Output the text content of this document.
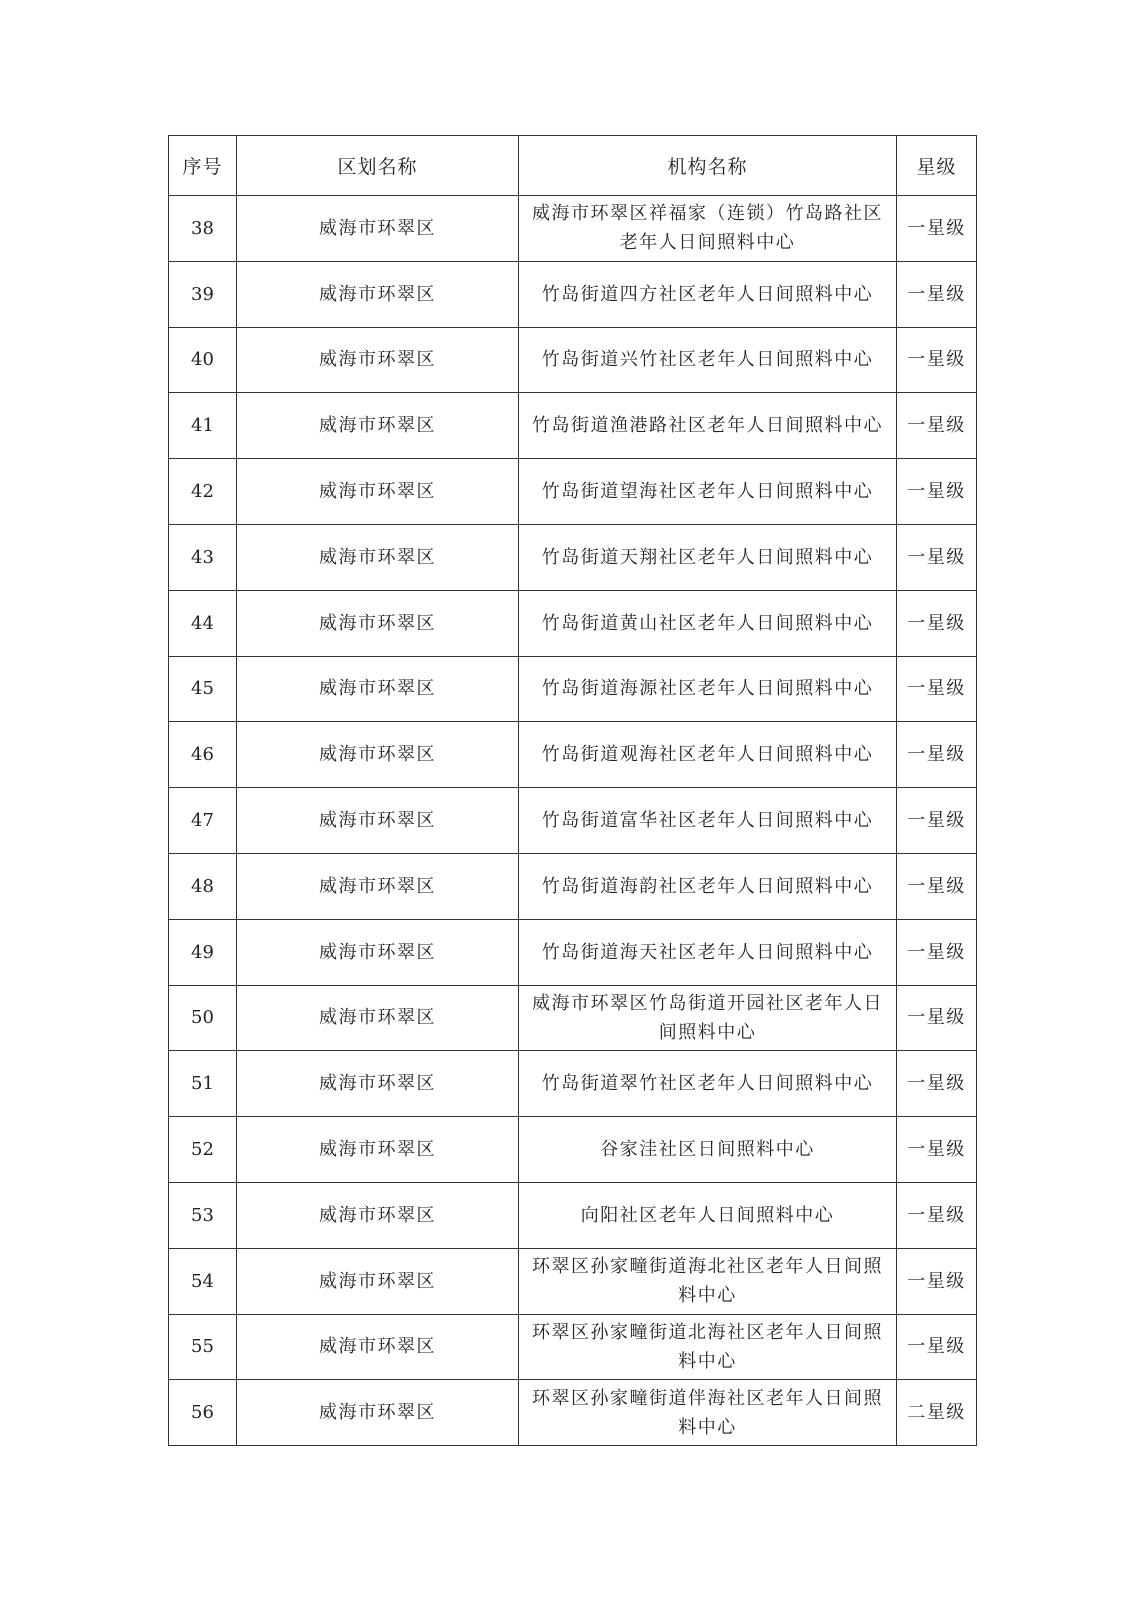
序号	区划名称	机构名称	星级
38	威海市环翠区	威海市环翠区祥福家（连锁）竹岛路社区老年人日间照料中心	一星级
39	威海市环翠区	竹岛街道四方社区老年人日间照料中心	一星级
40	威海市环翠区	竹岛街道兴竹社区老年人日间照料中心	一星级
41	威海市环翠区	竹岛街道渔港路社区老年人日间照料中心	一星级
42	威海市环翠区	竹岛街道望海社区老年人日间照料中心	一星级
43	威海市环翠区	竹岛街道天翔社区老年人日间照料中心	一星级
44	威海市环翠区	竹岛街道黄山社区老年人日间照料中心	一星级
45	威海市环翠区	竹岛街道海源社区老年人日间照料中心	一星级
46	威海市环翠区	竹岛街道观海社区老年人日间照料中心	一星级
47	威海市环翠区	竹岛街道富华社区老年人日间照料中心	一星级
48	威海市环翠区	竹岛街道海韵社区老年人日间照料中心	一星级
49	威海市环翠区	竹岛街道海天社区老年人日间照料中心	一星级
50	威海市环翠区	威海市环翠区竹岛街道开园社区老年人日间照料中心	一星级
51	威海市环翠区	竹岛街道翠竹社区老年人日间照料中心	一星级
52	威海市环翠区	谷家洼社区日间照料中心	一星级
53	威海市环翠区	向阳社区老年人日间照料中心	一星级
54	威海市环翠区	环翠区孙家疃街道海北社区老年人日间照料中心	一星级
55	威海市环翠区	环翠区孙家疃街道北海社区老年人日间照料中心	一星级
56	威海市环翠区	环翠区孙家疃街道伴海社区老年人日间照料中心	二星级
